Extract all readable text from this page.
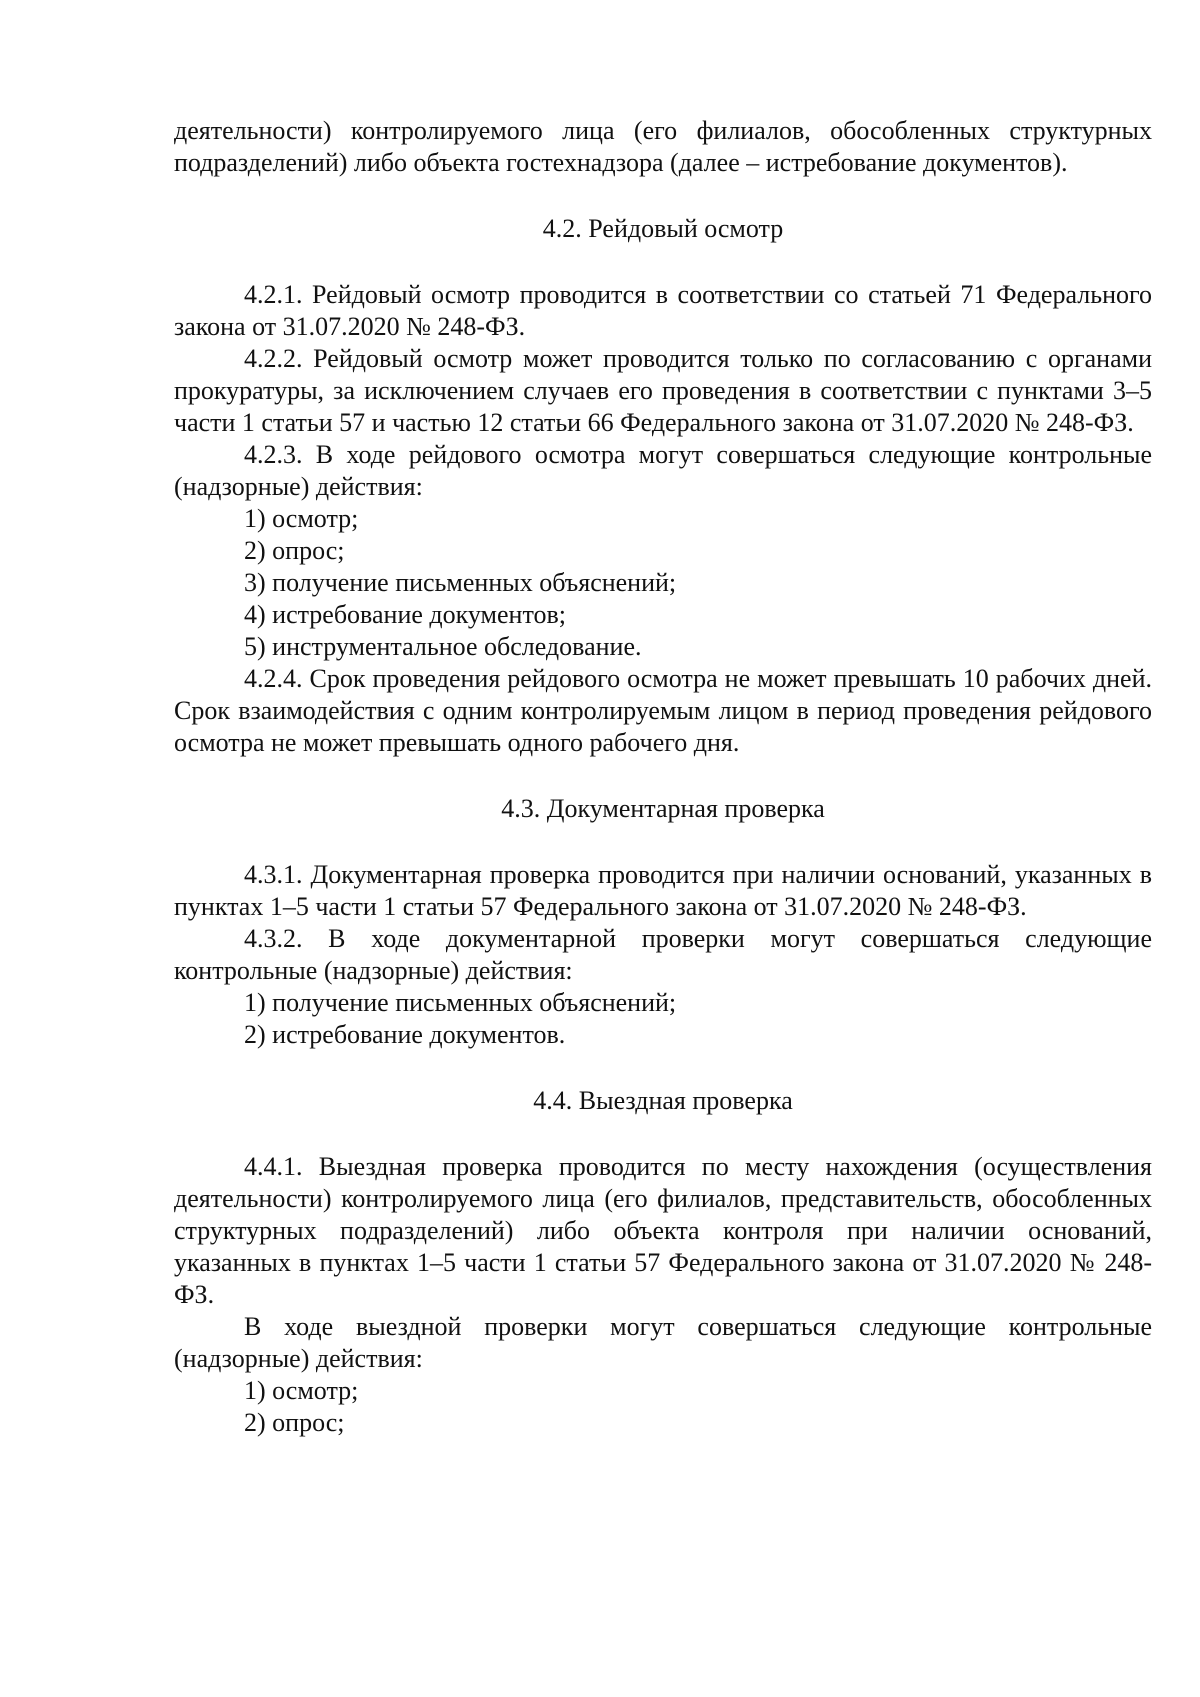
деятельности) контролируемого лица (его филиалов, обособленных структурных подразделений) либо объекта гостехнадзора (далее – истребование документов).

4.2. Рейдовый осмотр

4.2.1. Рейдовый осмотр проводится в соответствии со статьей 71 Федерального закона от 31.07.2020 № 248-ФЗ.

4.2.2. Рейдовый осмотр может проводится только по согласованию с органами прокуратуры, за исключением случаев его проведения в соответствии с пунктами 3–5 части 1 статьи 57 и частью 12 статьи 66 Федерального закона от 31.07.2020 № 248-ФЗ.

4.2.3. В ходе рейдового осмотра могут совершаться следующие контрольные (надзорные) действия:

1) осмотр;

2) опрос;

3) получение письменных объяснений;

4) истребование документов;

5) инструментальное обследование.

4.2.4. Срок проведения рейдового осмотра не может превышать 10 рабочих дней. Срок взаимодействия с одним контролируемым лицом в период проведения рейдового осмотра не может превышать одного рабочего дня.

4.3. Документарная проверка

4.3.1. Документарная проверка проводится при наличии оснований, указанных в пунктах 1–5 части 1 статьи 57 Федерального закона от 31.07.2020 № 248-ФЗ.

4.3.2. В ходе документарной проверки могут совершаться следующие контрольные (надзорные) действия:

1) получение письменных объяснений;

2) истребование документов.

4.4. Выездная проверка

4.4.1. Выездная проверка проводится по месту нахождения (осуществления деятельности) контролируемого лица (его филиалов, представительств, обособленных структурных подразделений) либо объекта контроля при наличии оснований, указанных в пунктах 1–5 части 1 статьи 57 Федерального закона от 31.07.2020 № 248-ФЗ.

В ходе выездной проверки могут совершаться следующие контрольные (надзорные) действия:

1) осмотр;

2) опрос;
